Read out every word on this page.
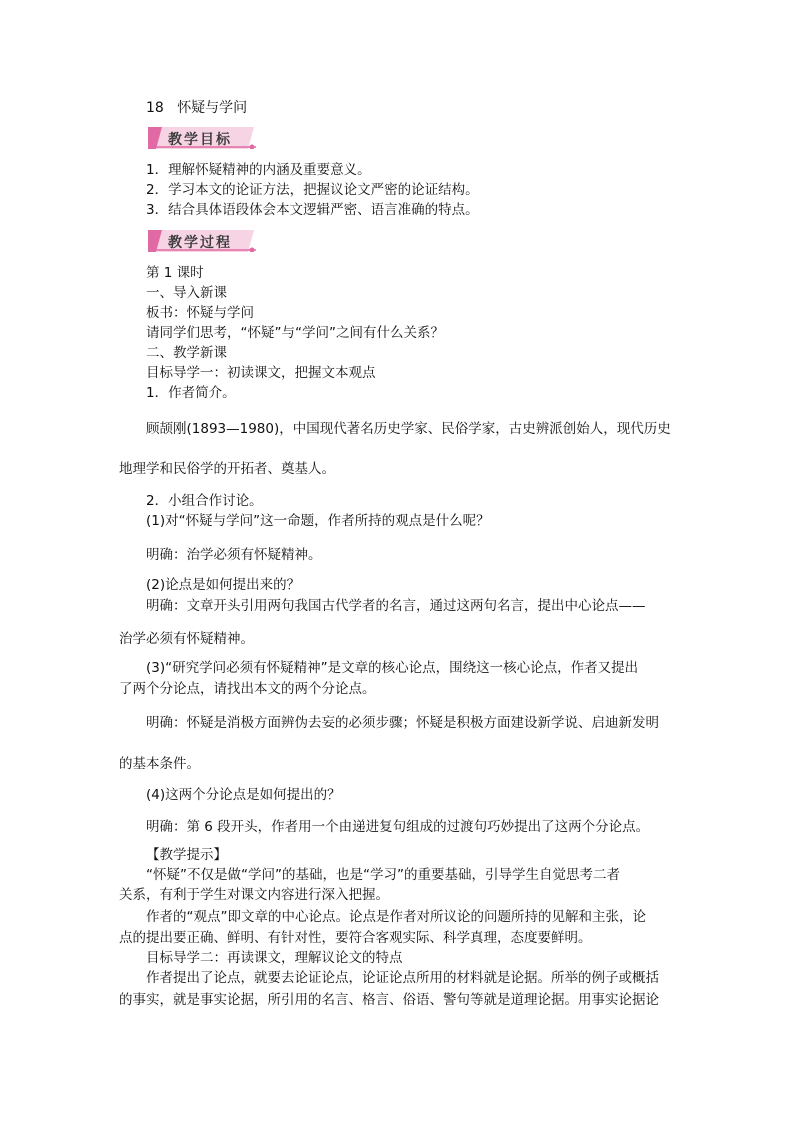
18 怀疑与学问
教学目标
1．理解怀疑精神的内涵及重要意义。
2．学习本文的论证方法，把握议论文严密的论证结构。
3．结合具体语段体会本文逻辑严密、语言准确的特点。
教学过程
第 1 课时
一、导入新课
板书：怀疑与学问
请同学们思考，“怀疑”与“学问”之间有什么关系？
二、教学新课
目标导学一：初读课文，把握文本观点
1．作者简介。
顾颉刚(1893—1980)，中国现代著名历史学家、民俗学家，古史辨派创始人，现代历史
地理学和民俗学的开拓者、奠基人。
2．小组合作讨论。
(1)对“怀疑与学问”这一命题，作者所持的观点是什么呢？
明确：治学必须有怀疑精神。
(2)论点是如何提出来的？
明确：文章开头引用两句我国古代学者的名言，通过这两句名言，提出中心论点——
治学必须有怀疑精神。
(3)“研究学问必须有怀疑精神”是文章的核心论点，围绕这一核心论点，作者又提出
了两个分论点，请找出本文的两个分论点。
明确：怀疑是消极方面辨伪去妄的必须步骤；怀疑是积极方面建设新学说、启迪新发明
的基本条件。
(4)这两个分论点是如何提出的？
明确：第 6 段开头，作者用一个由递进复句组成的过渡句巧妙提出了这两个分论点。
【教学提示】
“怀疑”不仅是做“学问”的基础，也是“学习”的重要基础，引导学生自觉思考二者
关系，有利于学生对课文内容进行深入把握。
作者的“观点”即文章的中心论点。论点是作者对所议论的问题所持的见解和主张，论
点的提出要正确、鲜明、有针对性，要符合客观实际、科学真理，态度要鲜明。
目标导学二：再读课文，理解议论文的特点
作者提出了论点，就要去论证论点，论证论点所用的材料就是论据。所举的例子或概括
的事实，就是事实论据，所引用的名言、格言、俗语、警句等就是道理论据。用事实论据论
